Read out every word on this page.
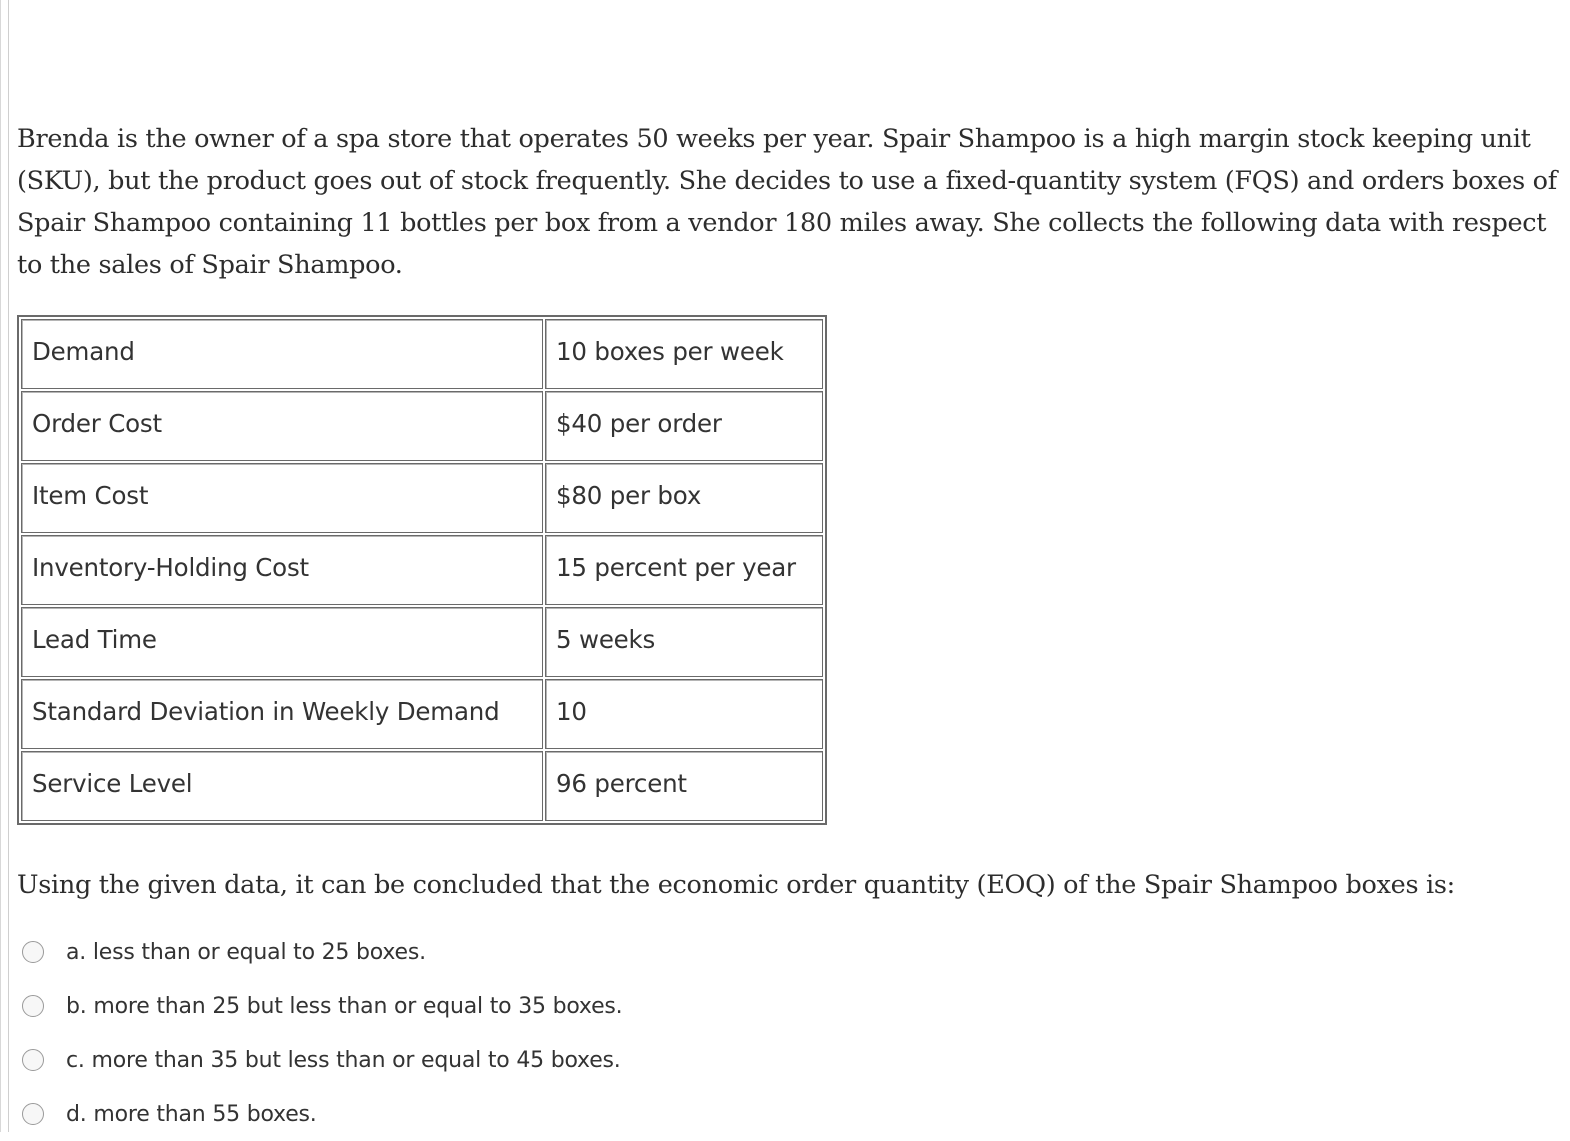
Brenda is the owner of a spa store that operates 50 weeks per year. Spair Shampoo is a high margin stock keeping unit (SKU), but the product goes out of stock frequently. She decides to use a fixed-quantity system (FQS) and orders boxes of Spair Shampoo containing 11 bottles per box from a vendor 180 miles away. She collects the following data with respect to the sales of Spair Shampoo.

Demand	10 boxes per week
Order Cost	$40 per order
Item Cost	$80 per box
Inventory-Holding Cost	15 percent per year
Lead Time	5 weeks
Standard Deviation in Weekly Demand	10
Service Level	96 percent

Using the given data, it can be concluded that the economic order quantity (EOQ) of the Spair Shampoo boxes is:

a. less than or equal to 25 boxes.
b. more than 25 but less than or equal to 35 boxes.
c. more than 35 but less than or equal to 45 boxes.
d. more than 55 boxes.
